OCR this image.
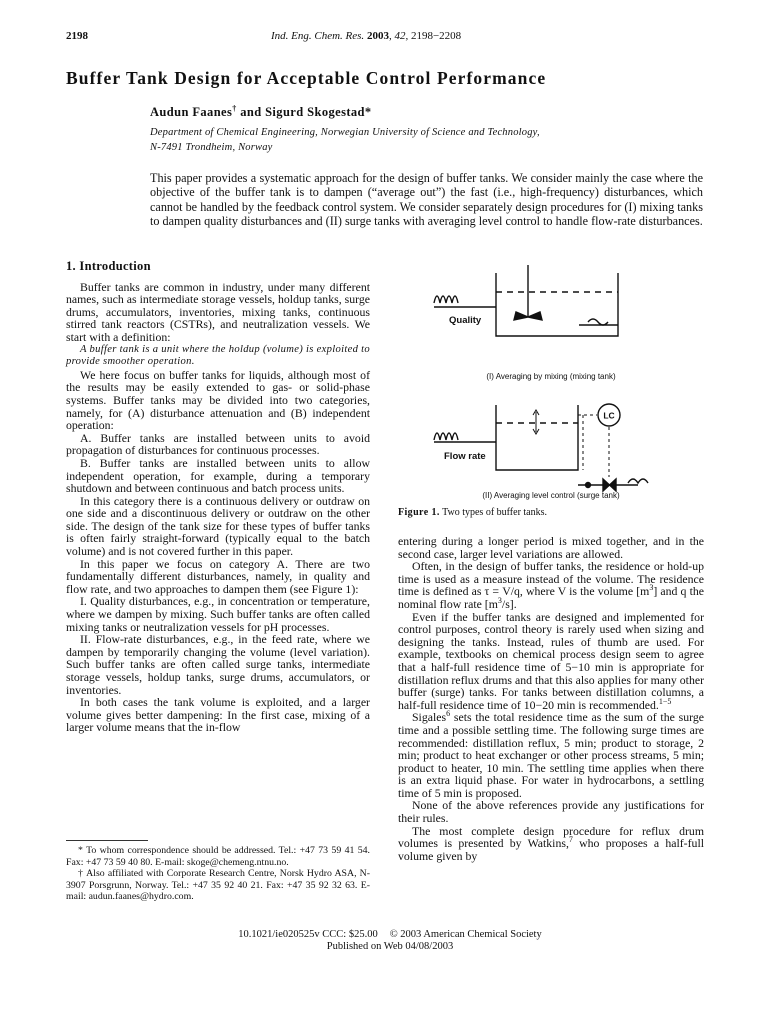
2198	Ind. Eng. Chem. Res. 2003, 42, 2198−2208
Buffer Tank Design for Acceptable Control Performance
Audun Faanes† and Sigurd Skogestad*
Department of Chemical Engineering, Norwegian University of Science and Technology,
N-7491 Trondheim, Norway

This paper provides a systematic approach for the design of buffer tanks. We consider mainly the case where the objective of the buffer tank is to dampen (“average out”) the fast (i.e., high-frequency) disturbances, which cannot be handled by the feedback control system. We consider separately design procedures for (I) mixing tanks to dampen quality disturbances and (II) surge tanks with averaging level control to handle flow-rate disturbances.

1. Introduction

Buffer tanks are common in industry, under many different names, such as intermediate storage vessels, holdup tanks, surge drums, accumulators, inventories, mixing tanks, continuous stirred tank reactors (CSTRs), and neutralization vessels. We start with a definition:

A buffer tank is a unit where the holdup (volume) is exploited to provide smoother operation.

We here focus on buffer tanks for liquids, although most of the results may be easily extended to gas- or solid-phase systems. Buffer tanks may be divided into two categories, namely, for (A) disturbance attenuation and (B) independent operation:

A. Buffer tanks are installed between units to avoid propagation of disturbances for continuous processes.

B. Buffer tanks are installed between units to allow independent operation, for example, during a temporary shutdown and between continuous and batch process units.

In this category there is a continuous delivery or outdraw on one side and a discontinuous delivery or outdraw on the other side. The design of the tank size for these types of buffer tanks is often fairly straight-forward (typically equal to the batch volume) and is not covered further in this paper.

In this paper we focus on category A. There are two fundamentally different disturbances, namely, in quality and flow rate, and two approaches to dampen them (see Figure 1):

I. Quality disturbances, e.g., in concentration or temperature, where we dampen by mixing. Such buffer tanks are often called mixing tanks or neutralization vessels for pH processes.

II. Flow-rate disturbances, e.g., in the feed rate, where we dampen by temporarily changing the volume (level variation). Such buffer tanks are often called surge tanks, intermediate storage vessels, holdup tanks, surge drums, accumulators, or inventories.

In both cases the tank volume is exploited, and a larger volume gives better dampening: In the first case, mixing of a larger volume means that the in-flow

* To whom correspondence should be addressed. Tel.: +47 73 59 41 54. Fax: +47 73 59 40 80. E-mail: skoge@chemeng.ntnu.no.

† Also affiliated with Corporate Research Centre, Norsk Hydro ASA, N-3907 Porsgrunn, Norway. Tel.: +47 35 92 40 21. Fax: +47 35 92 32 63. E-mail: audun.faanes@hydro.com.

Quality
(I) Averaging by mixing (mixing tank)
LC
Flow rate
(II) Averaging level control (surge tank)
Figure 1. Two types of buffer tanks.

entering during a longer period is mixed together, and in the second case, larger level variations are allowed.

Often, in the design of buffer tanks, the residence or hold-up time is used as a measure instead of the volume. The residence time is defined as τ = V/q, where V is the volume $[m^3]$ and q the nominal flow rate $[m^3/s]$.

Even if the buffer tanks are designed and implemented for control purposes, control theory is rarely used when sizing and designing the tanks. Instead, rules of thumb are used. For example, textbooks on chemical process design seem to agree that a half-full residence time of 5−10 min is appropriate for distillation reflux drums and that this also applies for many other buffer (surge) tanks. For tanks between distillation columns, a half-full residence time of 10−20 min is recommended.$^{1-5}$

Sigales$^6$ sets the total residence time as the sum of the surge time and a possible settling time. The following surge times are recommended: distillation reflux, 5 min; product to storage, 2 min; product to heat exchanger or other process streams, 5 min; product to heater, 10 min. The settling time applies when there is an extra liquid phase. For water in hydrocarbons, a settling time of 5 min is proposed.

None of the above references provide any justifications for their rules.

The most complete design procedure for reflux drum volumes is presented by Watkins,$^7$ who proposes a half-full volume given by

10.1021/ie020525v CCC: $25.00 © 2003 American Chemical Society
Published on Web 04/08/2003
